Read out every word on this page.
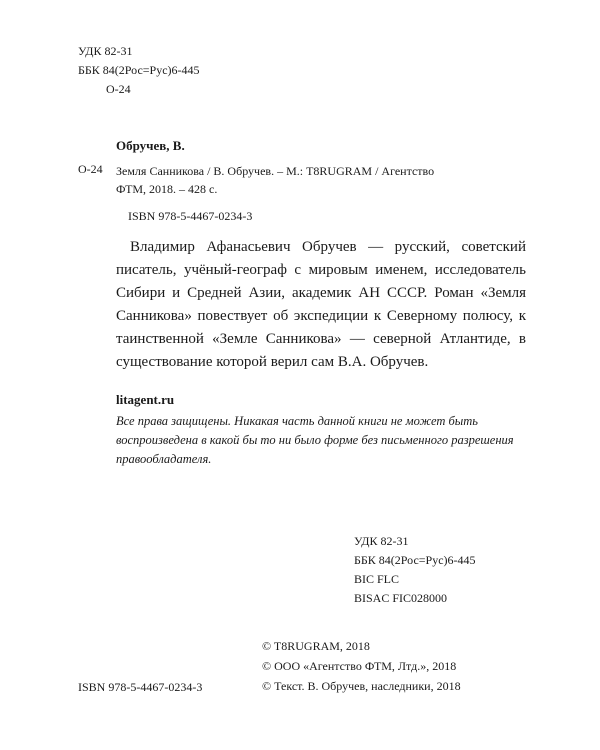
УДК 82-31
ББК 84(2Рос=Рус)6-445
О-24
Обручев, В.
О-24 Земля Санникова / В. Обручев. – М.: T8RUGRAM / Агентство
ФТМ, 2018. – 428 с.
ISBN 978-5-4467-0234-3
Владимир Афанасьевич Обручев — русский, советский писатель, учёный-географ с мировым именем, исследователь Сибири и Средней Азии, академик АН СССР. Роман «Земля Санникова» повествует об экспедиции к Северному полюсу, к таинственной «Земле Санникова» — северной Атлантиде, в существование которой верил сам В.А. Обручев.
litagent.ru
Все права защищены. Никакая часть данной книги не может быть воспроизведена в какой бы то ни было форме без письменного разрешения правообладателя.
УДК 82-31
ББК 84(2Рос=Рус)6-445
BIC FLC
BISAC FIC028000
© T8RUGRAM, 2018
© ООО «Агентство ФТМ, Лтд.», 2018
© Текст. В. Обручев, наследники, 2018
ISBN 978-5-4467-0234-3
